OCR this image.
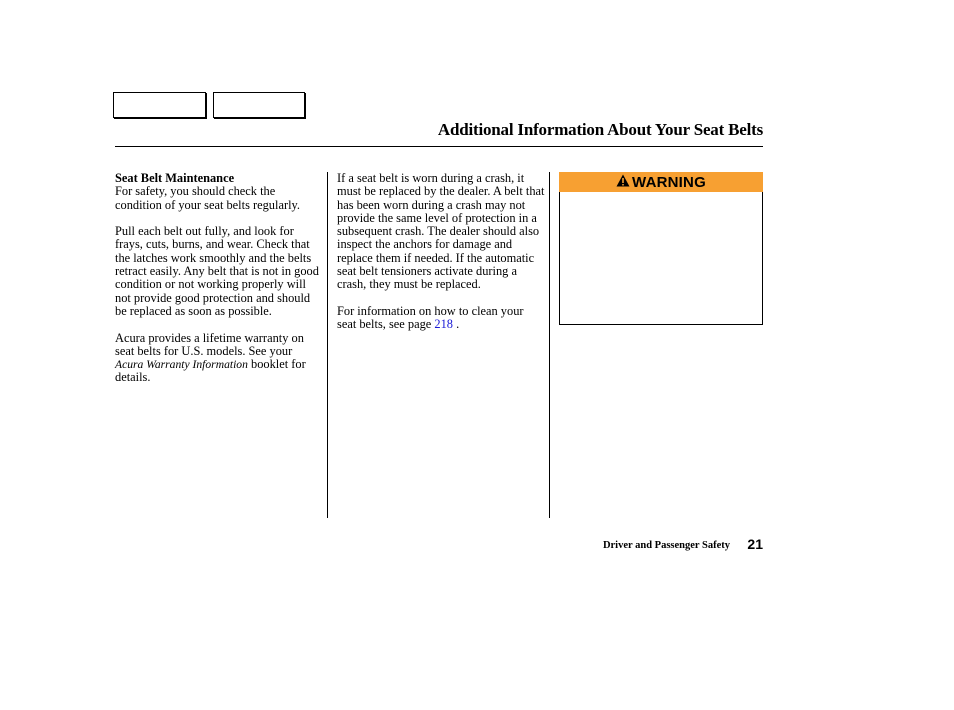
Additional Information About Your Seat Belts
Seat Belt Maintenance

For safety, you should check the condition of your seat belts regularly.

Pull each belt out fully, and look for frays, cuts, burns, and wear. Check that the latches work smoothly and the belts retract easily. Any belt that is not in good condition or not working properly will not provide good protection and should be replaced as soon as possible.

Acura provides a lifetime warranty on seat belts for U.S. models. See your Acura Warranty Information booklet for details.

If a seat belt is worn during a crash, it must be replaced by the dealer. A belt that has been worn during a crash may not provide the same level of protection in a subsequent crash. The dealer should also inspect the anchors for damage and replace them if needed. If the automatic seat belt tensioners activate during a crash, they must be replaced.

For information on how to clean your seat belts, see page 218 .

WARNING
Driver and Passenger Safety	21
